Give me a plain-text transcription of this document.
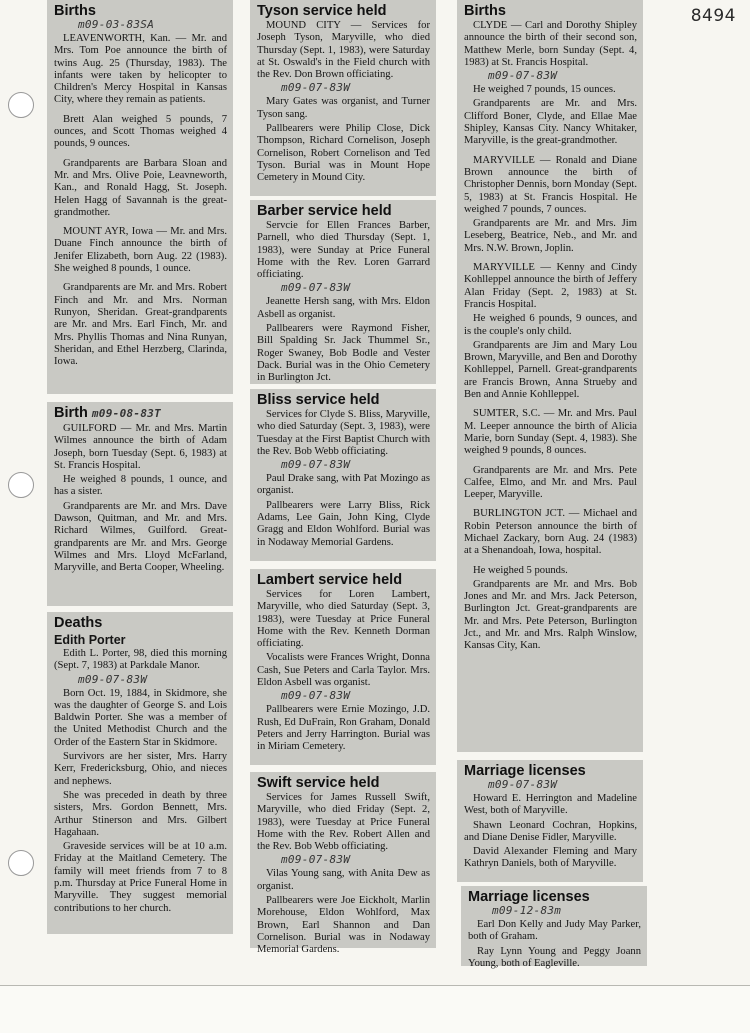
8494
Births
m09-03-83SA

LEAVENWORTH, Kan. — Mr. and Mrs. Tom Poe announce the birth of twins Aug. 25 (Thursday, 1983). The infants were taken by helicopter to Children's Mercy Hospital in Kansas City, where they remain as patients.

Brett Alan weighed 5 pounds, 7 ounces, and Scott Thomas weighed 4 pounds, 9 ounces.

Grandparents are Barbara Sloan and Mr. and Mrs. Olive Poie, Leavneworth, Kan., and Ronald Hagg, St. Joseph. Helen Hagg of Savannah is the great-grandmother.

MOUNT AYR, Iowa — Mr. and Mrs. Duane Finch announce the birth of Jenifer Elizabeth, born Aug. 22 (1983). She weighed 8 pounds, 1 ounce.

Grandparents are Mr. and Mrs. Robert Finch and Mr. and Mrs. Norman Runyon, Sheridan. Great-grandparents are Mr. and Mrs. Earl Finch, Mr. and Mrs. Phyllis Thomas and Nina Runyan, Sheridan, and Ethel Herzberg, Clarinda, Iowa.

Birth m09-08-83T

GUILFORD — Mr. and Mrs. Martin Wilmes announce the birth of Adam Joseph, born Tuesday (Sept. 6, 1983) at St. Francis Hospital.

He weighed 8 pounds, 1 ounce, and has a sister.

Grandparents are Mr. and Mrs. Dave Dawson, Quitman, and Mr. and Mrs. Richard Wilmes, Guilford. Great-grandparents are Mr. and Mrs. George Wilmes and Mrs. Lloyd McFarland, Maryville, and Berta Cooper, Wheeling.

Deaths
Edith Porter

Edith L. Porter, 98, died this morning (Sept. 7, 1983) at Parkdale Manor.

m09-07-83W

Born Oct. 19, 1884, in Skidmore, she was the daughter of George S. and Lois Baldwin Porter. She was a member of the United Methodist Church and the Order of the Eastern Star in Skidmore.

Survivors are her sister, Mrs. Harry Kerr, Fredericksburg, Ohio, and nieces and nephews.

She was preceded in death by three sisters, Mrs. Gordon Bennett, Mrs. Arthur Stinerson and Mrs. Gilbert Hagahaan.

Graveside services will be at 10 a.m. Friday at the Maitland Cemetery. The family will meet friends from 7 to 8 p.m. Thursday at Price Funeral Home in Maryville. They suggest memorial contributions to her church.

Tyson service held

MOUND CITY — Services for Joseph Tyson, Maryville, who died Thursday (Sept. 1, 1983), were Saturday at St. Oswald's in the Field church with the Rev. Don Brown officiating.

m09-07-83W

Mary Gates was organist, and Turner Tyson sang.

Pallbearers were Philip Close, Dick Thompson, Richard Cornelison, Joseph Cornelison, Robert Cornelison and Ted Tyson. Burial was in Mount Hope Cemetery in Mound City.

Barber service held

Servcie for Ellen Frances Barber, Parnell, who died Thursday (Sept. 1, 1983), were Sunday at Price Funeral Home with the Rev. Loren Garrard officiating.

m09-07-83W

Jeanette Hersh sang, with Mrs. Eldon Asbell as organist.

Pallbearers were Raymond Fisher, Bill Spalding Sr. Jack Thummel Sr., Roger Swaney, Bob Bodle and Vester Dack. Burial was in the Ohio Cemetery in Burlington Jct.

Bliss service held

Services for Clyde S. Bliss, Maryville, who died Saturday (Sept. 3, 1983), were Tuesday at the First Baptist Church with the Rev. Bob Webb officiating.

m09-07-83W

Paul Drake sang, with Pat Mozingo as organist.

Pallbearers were Larry Bliss, Rick Adams, Lee Gain, John King, Clyde Gragg and Eldon Wohlford. Burial was in Nodaway Memorial Gardens.

Lambert service held

Services for Loren Lambert, Maryville, who died Saturday (Sept. 3, 1983), were Tuesday at Price Funeral Home with the Rev. Kenneth Dorman officiating.

Vocalists were Frances Wright, Donna Cash, Sue Peters and Carla Taylor. Mrs. Eldon Asbell was organist.

m09-07-83W

Pallbearers were Ernie Mozingo, J.D. Rush, Ed DuFrain, Ron Graham, Donald Peters and Jerry Harrington. Burial was in Miriam Cemetery.

Swift service held

Services for James Russell Swift, Maryville, who died Friday (Sept. 2, 1983), were Tuesday at Price Funeral Home with the Rev. Robert Allen and the Rev. Bob Webb officiating.

m09-07-83W

Vilas Young sang, with Anita Dew as organist.

Pallbearers were Joe Eickholt, Marlin Morehouse, Eldon Wohlford, Max Brown, Earl Shannon and Dan Cornelison. Burial was in Nodaway Memorial Gardens.

Births

CLYDE — Carl and Dorothy Shipley announce the birth of their second son, Matthew Merle, born Sunday (Sept. 4, 1983) at St. Francis Hospital.

m09-07-83W

He weighed 7 pounds, 15 ounces.

Grandparents are Mr. and Mrs. Clifford Boner, Clyde, and Ellae Mae Shipley, Kansas City. Nancy Whitaker, Maryville, is the great-grandmother.

MARYVILLE — Ronald and Diane Brown announce the birth of Christopher Dennis, born Monday (Sept. 5, 1983) at St. Francis Hospital. He weighed 7 pounds, 7 ounces.

Grandparents are Mr. and Mrs. Jim Leseberg, Beatrice, Neb., and Mr. and Mrs. N.W. Brown, Joplin.

MARYVILLE — Kenny and Cindy Kohlleppel announce the birth of Jeffery Alan Friday (Sept. 2, 1983) at St. Francis Hospital.

He weighed 6 pounds, 9 ounces, and is the couple's only child.

Grandparents are Jim and Mary Lou Brown, Maryville, and Ben and Dorothy Kohlleppel, Parnell. Great-grandparents are Francis Brown, Anna Strueby and Ben and Annie Kohlleppel.

SUMTER, S.C. — Mr. and Mrs. Paul M. Leeper announce the birth of Alicia Marie, born Sunday (Sept. 4, 1983). She weighed 9 pounds, 8 ounces.

Grandparents are Mr. and Mrs. Pete Calfee, Elmo, and Mr. and Mrs. Paul Leeper, Maryville.

BURLINGTON JCT. — Michael and Robin Peterson announce the birth of Michael Zackary, born Aug. 24 (1983) at a Shenandoah, Iowa, hospital.

He weighed 5 pounds.

Grandparents are Mr. and Mrs. Bob Jones and Mr. and Mrs. Jack Peterson, Burlington Jct. Great-grandparents are Mr. and Mrs. Pete Peterson, Burlington Jct., and Mr. and Mrs. Ralph Winslow, Kansas City, Kan.

Marriage licenses
m09-07-83W

Howard E. Herrington and Madeline West, both of Maryville.

Shawn Leonard Cochran, Hopkins, and Diane Denise Fidler, Maryville.

David Alexander Fleming and Mary Kathryn Daniels, both of Maryville.

Marriage licenses
m09-12-83m

Earl Don Kelly and Judy May Parker, both of Graham.

Ray Lynn Young and Peggy Joann Young, both of Eagleville.
